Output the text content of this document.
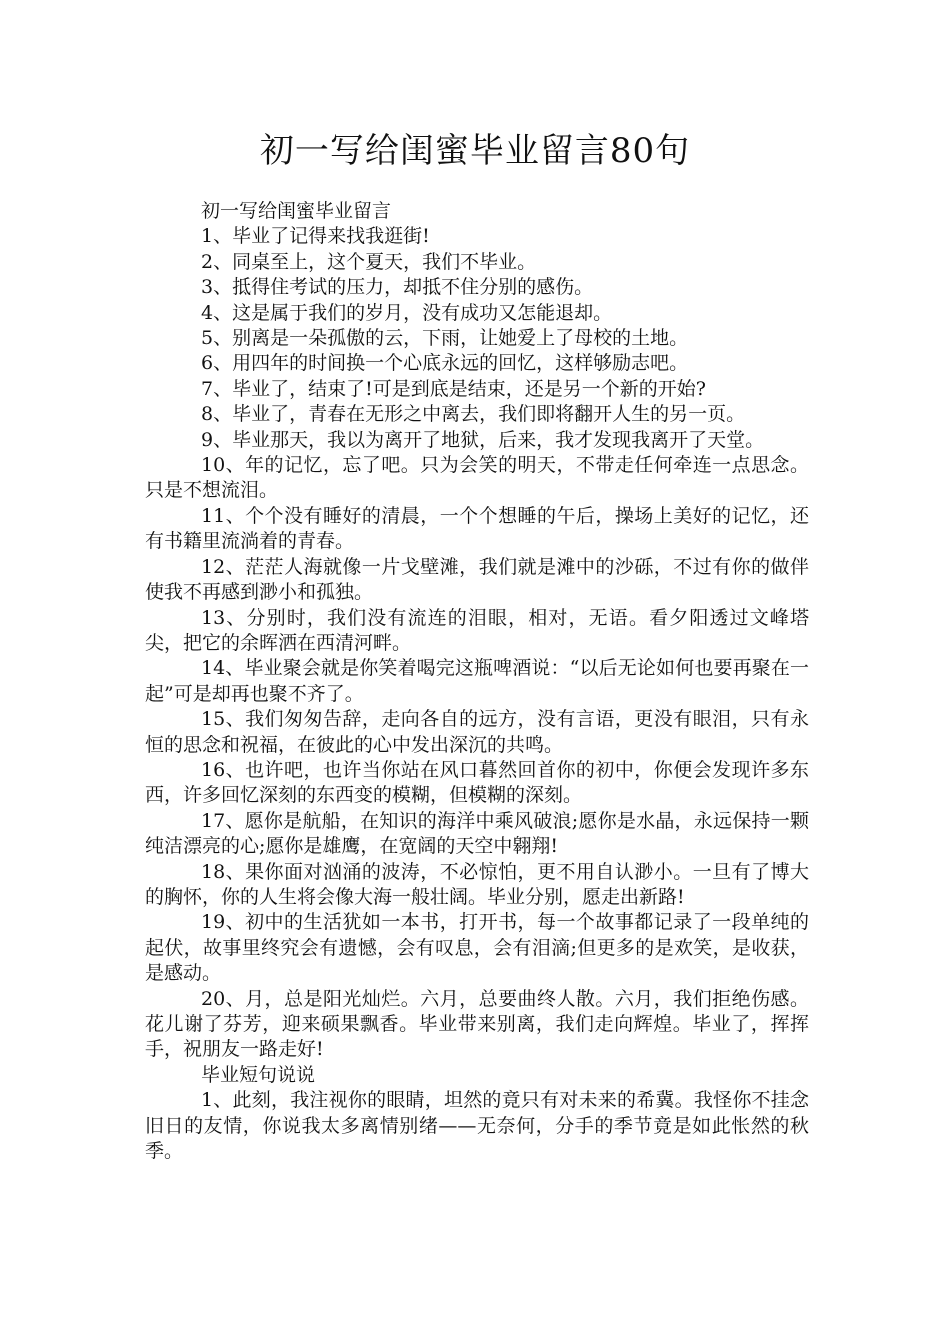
初一写给闺蜜毕业留言80句

初一写给闺蜜毕业留言

1、毕业了记得来找我逛街!

2、同桌至上，这个夏天，我们不毕业。

3、抵得住考试的压力，却抵不住分别的感伤。

4、这是属于我们的岁月，没有成功又怎能退却。

5、别离是一朵孤傲的云，下雨，让她爱上了母校的土地。

6、用四年的时间换一个心底永远的回忆，这样够励志吧。

7、毕业了，结束了!可是到底是结束，还是另一个新的开始?

8、毕业了，青春在无形之中离去，我们即将翻开人生的另一页。

9、毕业那天，我以为离开了地狱，后来，我才发现我离开了天堂。

10、年的记忆，忘了吧。只为会笑的明天，不带走任何牵连一点思念。只是不想流泪。

11、个个没有睡好的清晨，一个个想睡的午后，操场上美好的记忆，还有书籍里流淌着的青春。

12、茫茫人海就像一片戈壁滩，我们就是滩中的沙砾，不过有你的做伴使我不再感到渺小和孤独。

13、分别时，我们没有流连的泪眼，相对，无语。看夕阳透过文峰塔尖，把它的余晖洒在西清河畔。

14、毕业聚会就是你笑着喝完这瓶啤酒说：“以后无论如何也要再聚在一起”可是却再也聚不齐了。

15、我们匆匆告辞，走向各自的远方，没有言语，更没有眼泪，只有永恒的思念和祝福，在彼此的心中发出深沉的共鸣。

16、也许吧，也许当你站在风口暮然回首你的初中，你便会发现许多东西，许多回忆深刻的东西变的模糊，但模糊的深刻。

17、愿你是航船，在知识的海洋中乘风破浪;愿你是水晶，永远保持一颗纯洁漂亮的心;愿你是雄鹰，在宽阔的天空中翱翔!

18、果你面对汹涌的波涛，不必惊怕，更不用自认渺小。一旦有了博大的胸怀，你的人生将会像大海一般壮阔。毕业分别，愿走出新路!

19、初中的生活犹如一本书，打开书，每一个故事都记录了一段单纯的起伏，故事里终究会有遗憾，会有叹息，会有泪滴;但更多的是欢笑，是收获，是感动。

20、月，总是阳光灿烂。六月，总要曲终人散。六月，我们拒绝伤感。花儿谢了芬芳，迎来硕果飘香。毕业带来别离，我们走向辉煌。毕业了，挥挥手，祝朋友一路走好!

毕业短句说说

1、此刻，我注视你的眼睛，坦然的竟只有对未来的希冀。我怪你不挂念旧日的友情，你说我太多离情别绪——无奈何，分手的季节竟是如此怅然的秋季。
